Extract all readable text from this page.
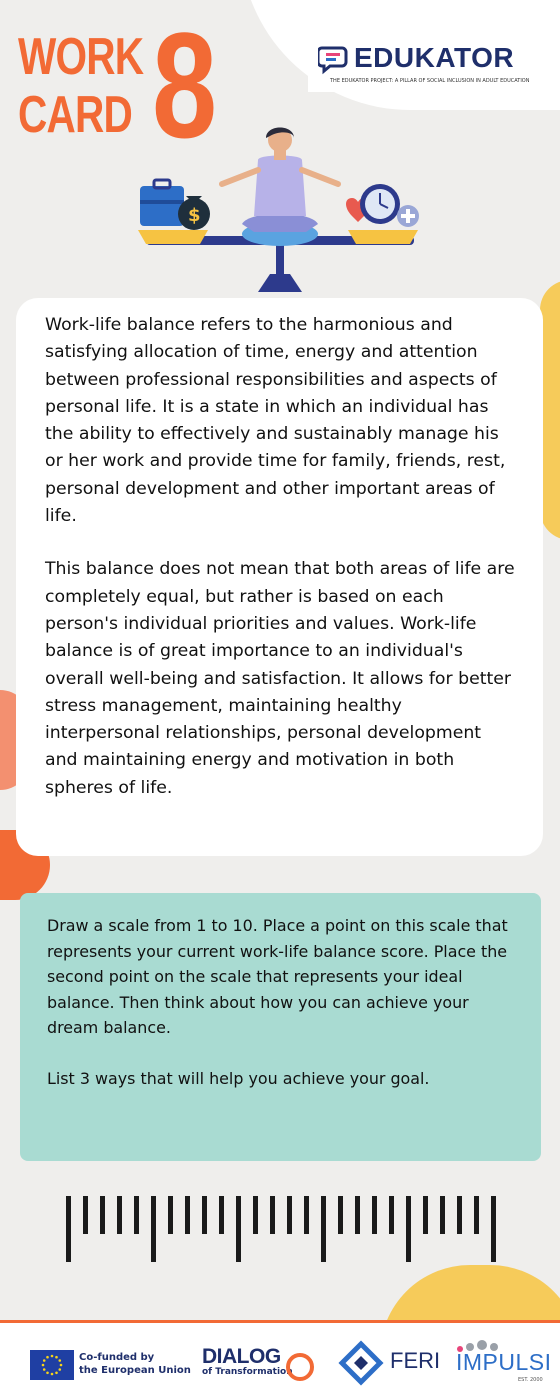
WORK
CARD 8	EDUKATOR
THE EDUKATOR PROJECT: A PILLAR OF SOCIAL INCLUSION IN ADULT EDUCATION
$

Work-life balance refers to the harmonious and satisfying allocation of time, energy and attention between professional responsibilities and aspects of personal life. It is a state in which an individual has the ability to effectively and sustainably manage his or her work and provide time for family, friends, rest, personal development and other important areas of life.

This balance does not mean that both areas of life are completely equal, but rather is based on each person's individual priorities and values. Work-life balance is of great importance to an individual's overall well-being and satisfaction. It allows for better stress management, maintaining healthy interpersonal relationships, personal development and maintaining energy and motivation in both spheres of life.

Draw a scale from 1 to 10. Place a point on this scale that represents your current work-life balance score. Place the second point on the scale that represents your ideal balance. Then think about how you can achieve your dream balance.

List 3 ways that will help you achieve your goal.

Co-funded by
the European Union
DIALOG
of Transformation	FERI IMPULSI
EST. 2000
